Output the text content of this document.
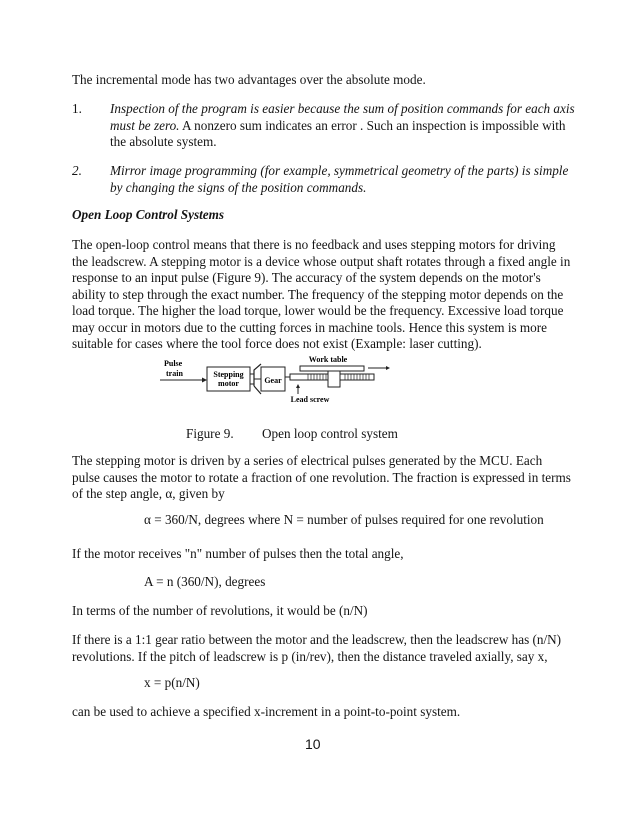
The incremental mode has two advantages over the absolute mode.

1. Inspection of the program is easier because the sum of position commands for each axis must be zero. A nonzero sum indicates an error . Such an inspection is impossible with the absolute system.
2. Mirror image programming (for example, symmetrical geometry of the parts) is simple by changing the signs of the position commands.
Open Loop Control Systems

The open-loop control means that there is no feedback and uses stepping motors for driving the leadscrew. A stepping motor is a device whose output shaft rotates through a fixed angle in response to an input pulse (Figure 9). The accuracy of the system depends on the motor's ability to step through the exact number. The frequency of the stepping motor depends on the load torque. The higher the load torque, lower would be the frequency. Excessive load torque may occur in motors due to the cutting forces in machine tools. Hence this system is more suitable for cases where the tool force does not exist (Example: laser cutting).

Pulse
train	Stepping
motor	Gear
Work table
Lead screw
Figure 9. Open loop control system

The stepping motor is driven by a series of electrical pulses generated by the MCU. Each pulse causes the motor to rotate a fraction of one revolution. The fraction is expressed in terms of the step angle, α, given by

α = 360/N, degrees where N = number of pulses required for one revolution

If the motor receives "n" number of pulses then the total angle,

A = n (360/N), degrees

In terms of the number of revolutions, it would be (n/N)

If there is a 1:1 gear ratio between the motor and the leadscrew, then the leadscrew has (n/N) revolutions. If the pitch of leadscrew is p (in/rev), then the distance traveled axially, say x,

x = p(n/N)

can be used to achieve a specified x-increment in a point-to-point system.

10
